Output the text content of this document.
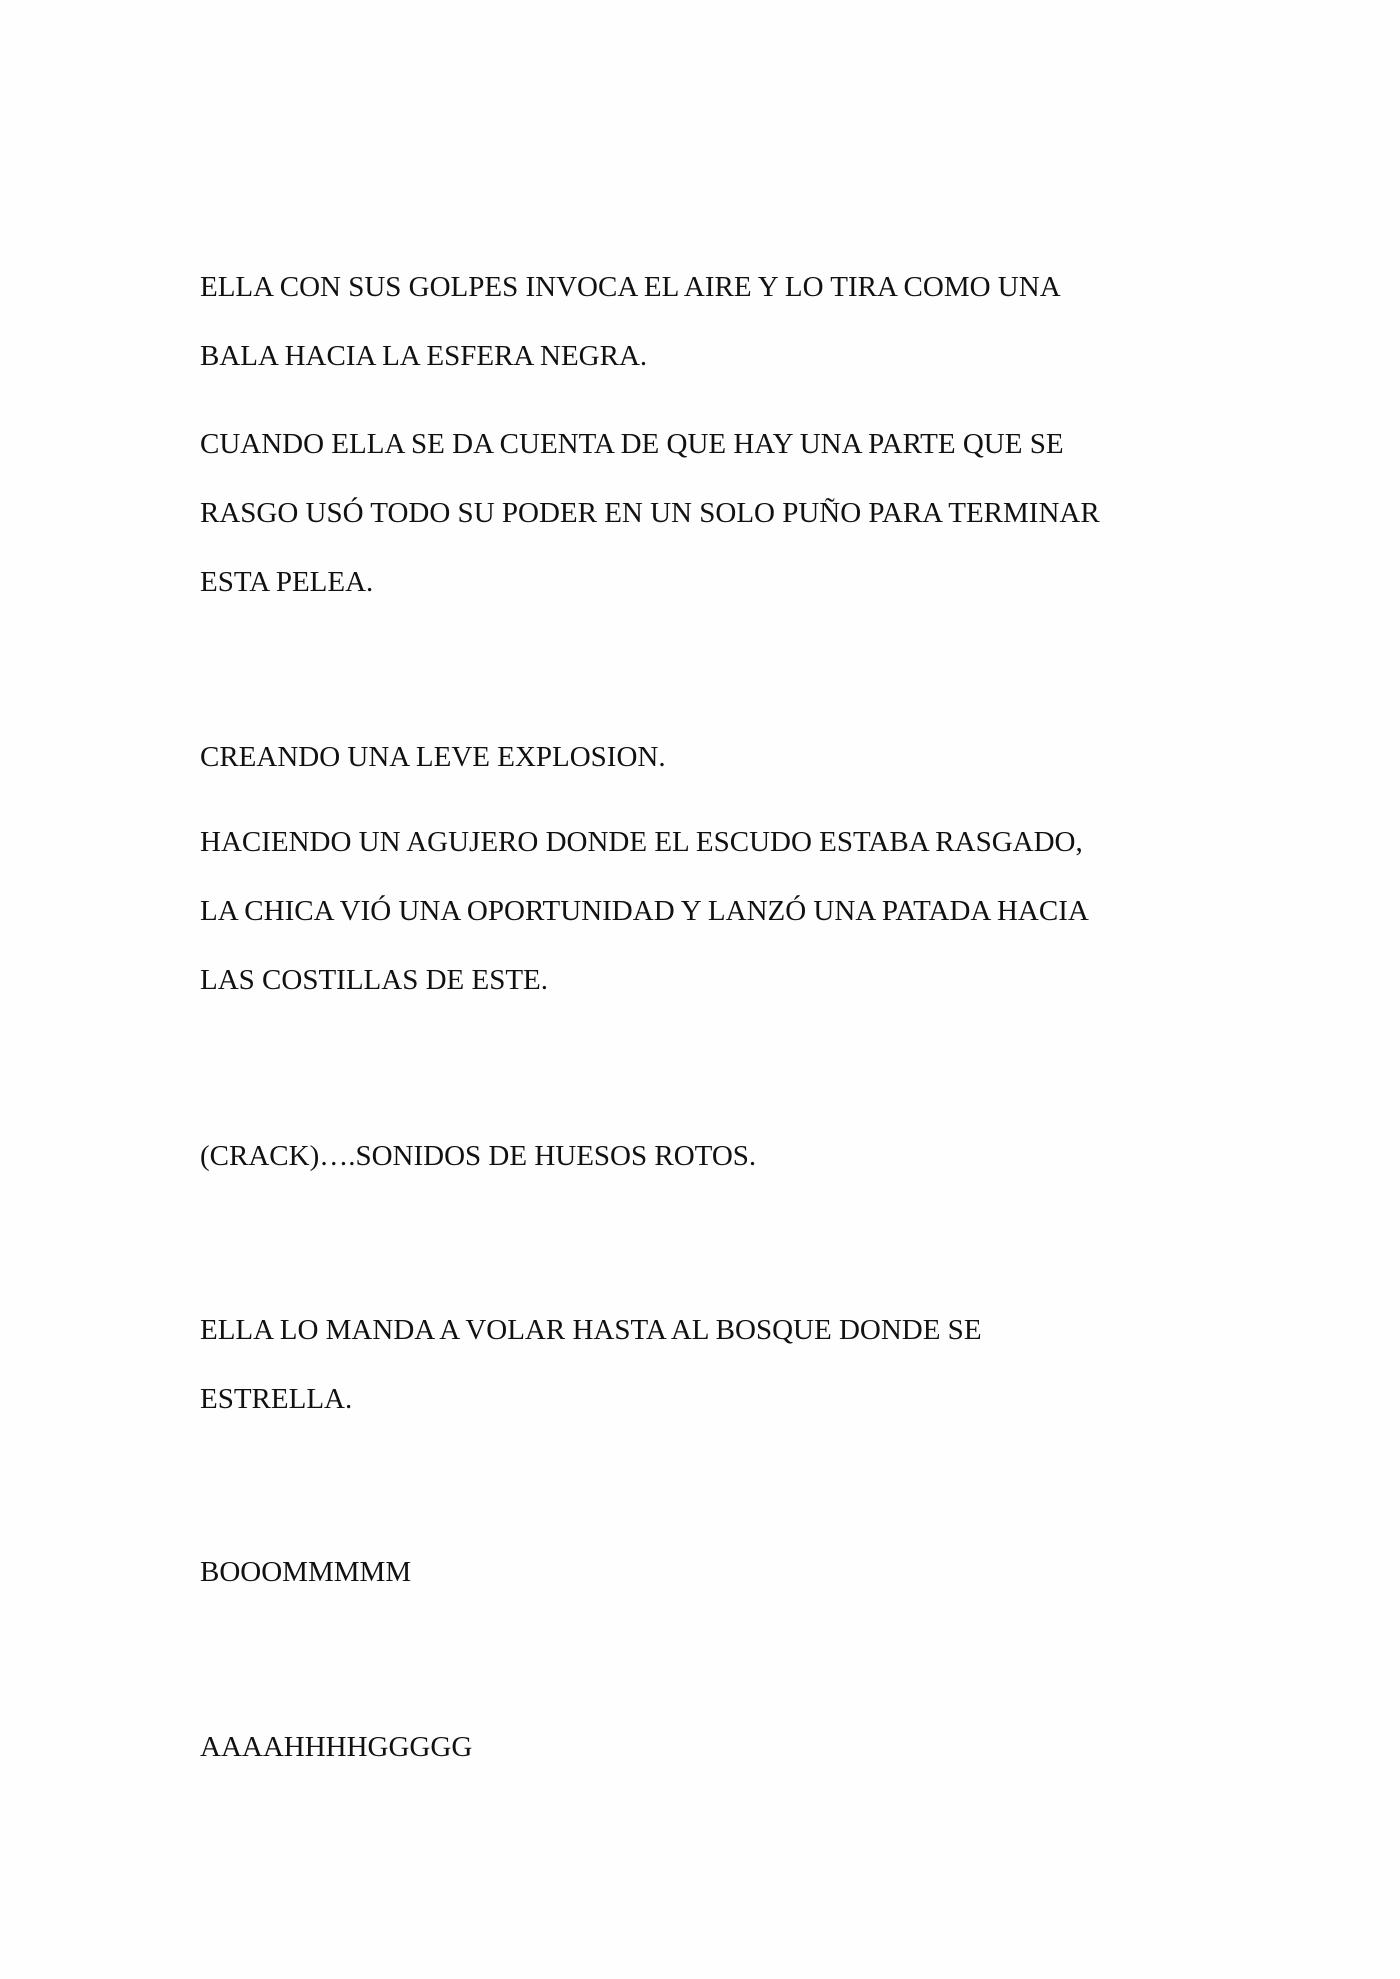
ELLA CON SUS GOLPES INVOCA EL AIRE Y LO TIRA COMO UNA
BALA HACIA LA ESFERA NEGRA.
CUANDO ELLA SE DA CUENTA DE QUE HAY UNA PARTE QUE SE
RASGO USÓ TODO SU PODER EN UN SOLO PUÑO PARA TERMINAR
ESTA PELEA.
CREANDO UNA LEVE EXPLOSION.
HACIENDO UN AGUJERO DONDE EL ESCUDO ESTABA RASGADO,
LA CHICA VIÓ UNA OPORTUNIDAD Y LANZÓ UNA PATADA HACIA
LAS COSTILLAS DE ESTE.
(CRACK)….SONIDOS DE HUESOS ROTOS.
ELLA LO MANDA A VOLAR HASTA AL BOSQUE DONDE SE
ESTRELLA.
BOOOMMMMM
AAAAHHHHGGGGG
